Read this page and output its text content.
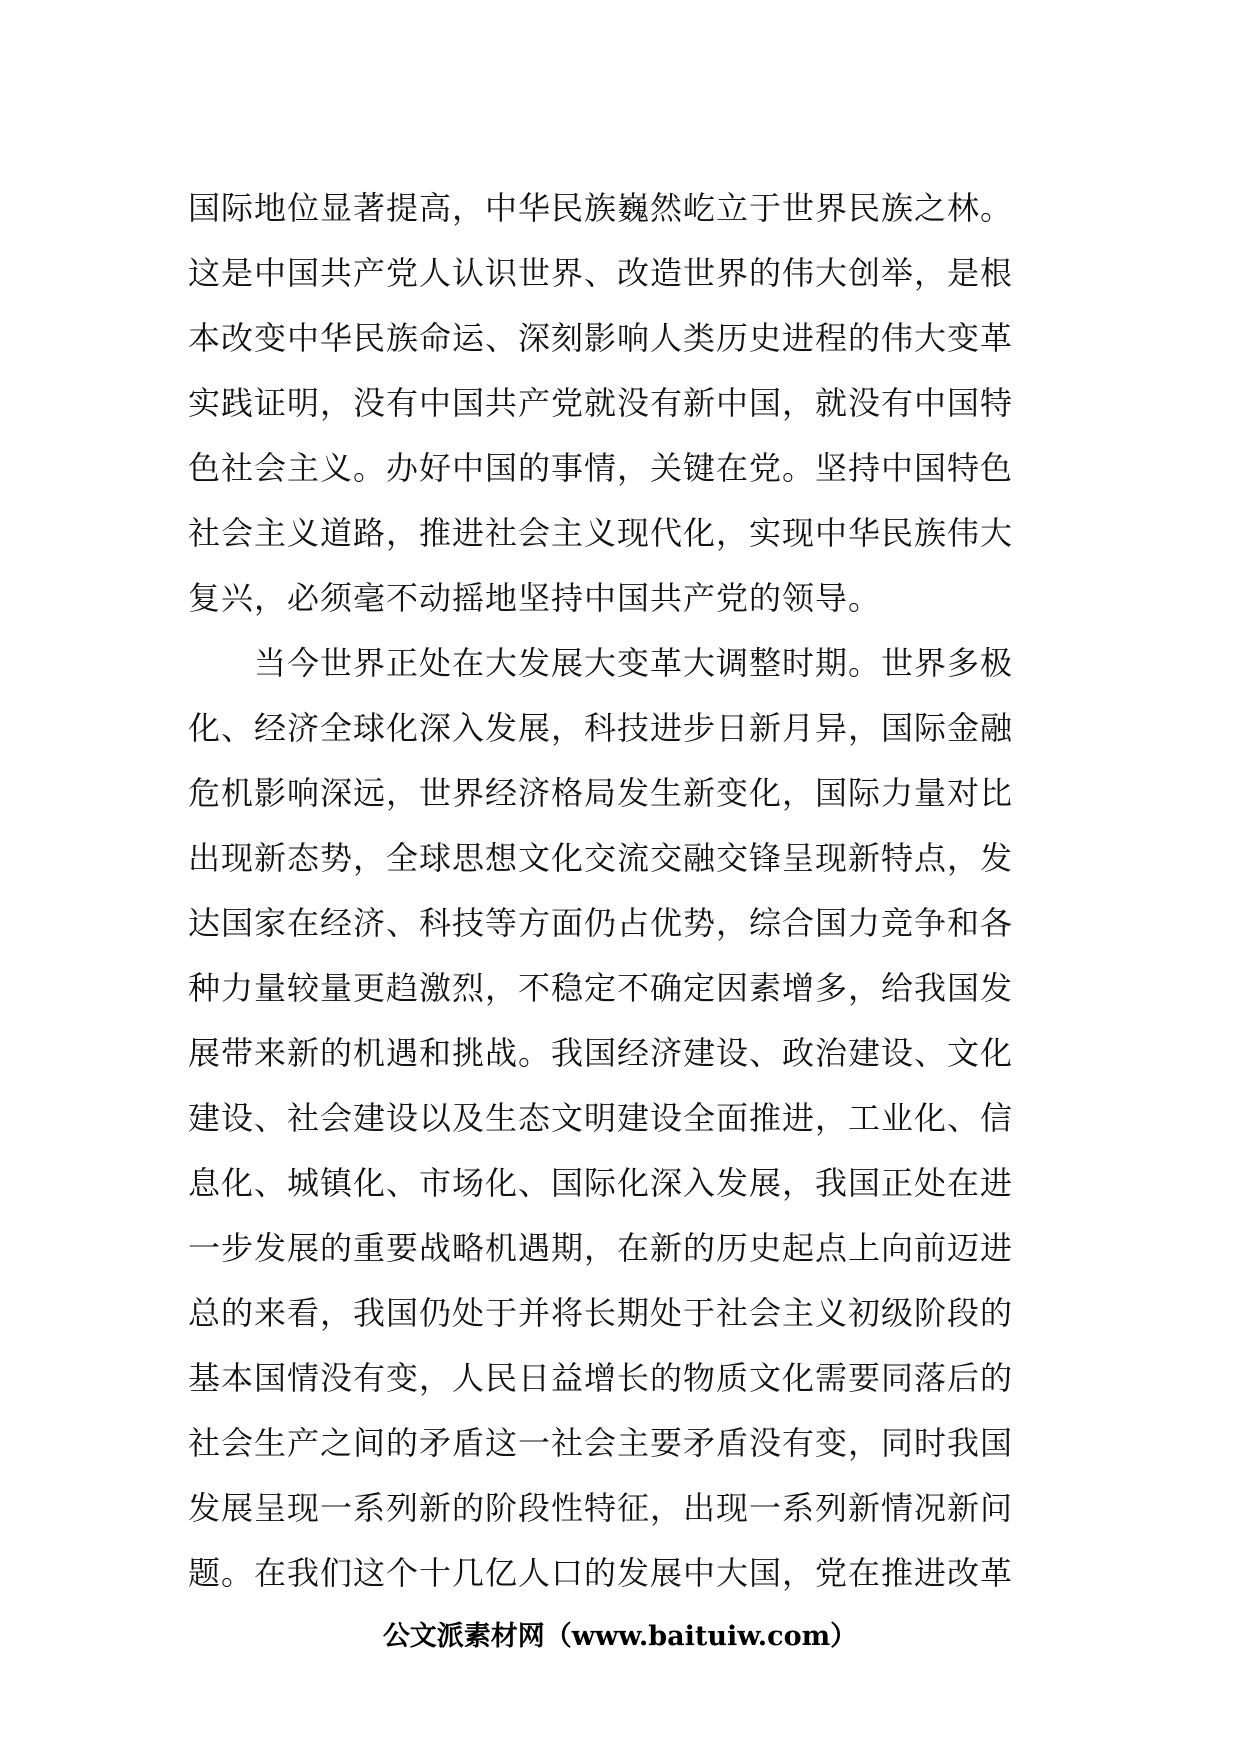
国际地位显著提高，中华民族巍然屹立于世界民族之林。
这是中国共产党人认识世界、改造世界的伟大创举，是根
本改变中华民族命运、深刻影响人类历史进程的伟大变革
实践证明，没有中国共产党就没有新中国，就没有中国特
色社会主义。办好中国的事情，关键在党。坚持中国特色
社会主义道路，推进社会主义现代化，实现中华民族伟大
复兴，必须毫不动摇地坚持中国共产党的领导。
　　当今世界正处在大发展大变革大调整时期。世界多极
化、经济全球化深入发展，科技进步日新月异，国际金融
危机影响深远，世界经济格局发生新变化，国际力量对比
出现新态势，全球思想文化交流交融交锋呈现新特点，发
达国家在经济、科技等方面仍占优势，综合国力竞争和各
种力量较量更趋激烈，不稳定不确定因素增多，给我国发
展带来新的机遇和挑战。我国经济建设、政治建设、文化
建设、社会建设以及生态文明建设全面推进，工业化、信
息化、城镇化、市场化、国际化深入发展，我国正处在进
一步发展的重要战略机遇期，在新的历史起点上向前迈进
总的来看，我国仍处于并将长期处于社会主义初级阶段的
基本国情没有变，人民日益增长的物质文化需要同落后的
社会生产之间的矛盾这一社会主要矛盾没有变，同时我国
发展呈现一系列新的阶段性特征，出现一系列新情况新问
题。在我们这个十几亿人口的发展中大国，党在推进改革
公文派素材网（www.baituiw.com）
